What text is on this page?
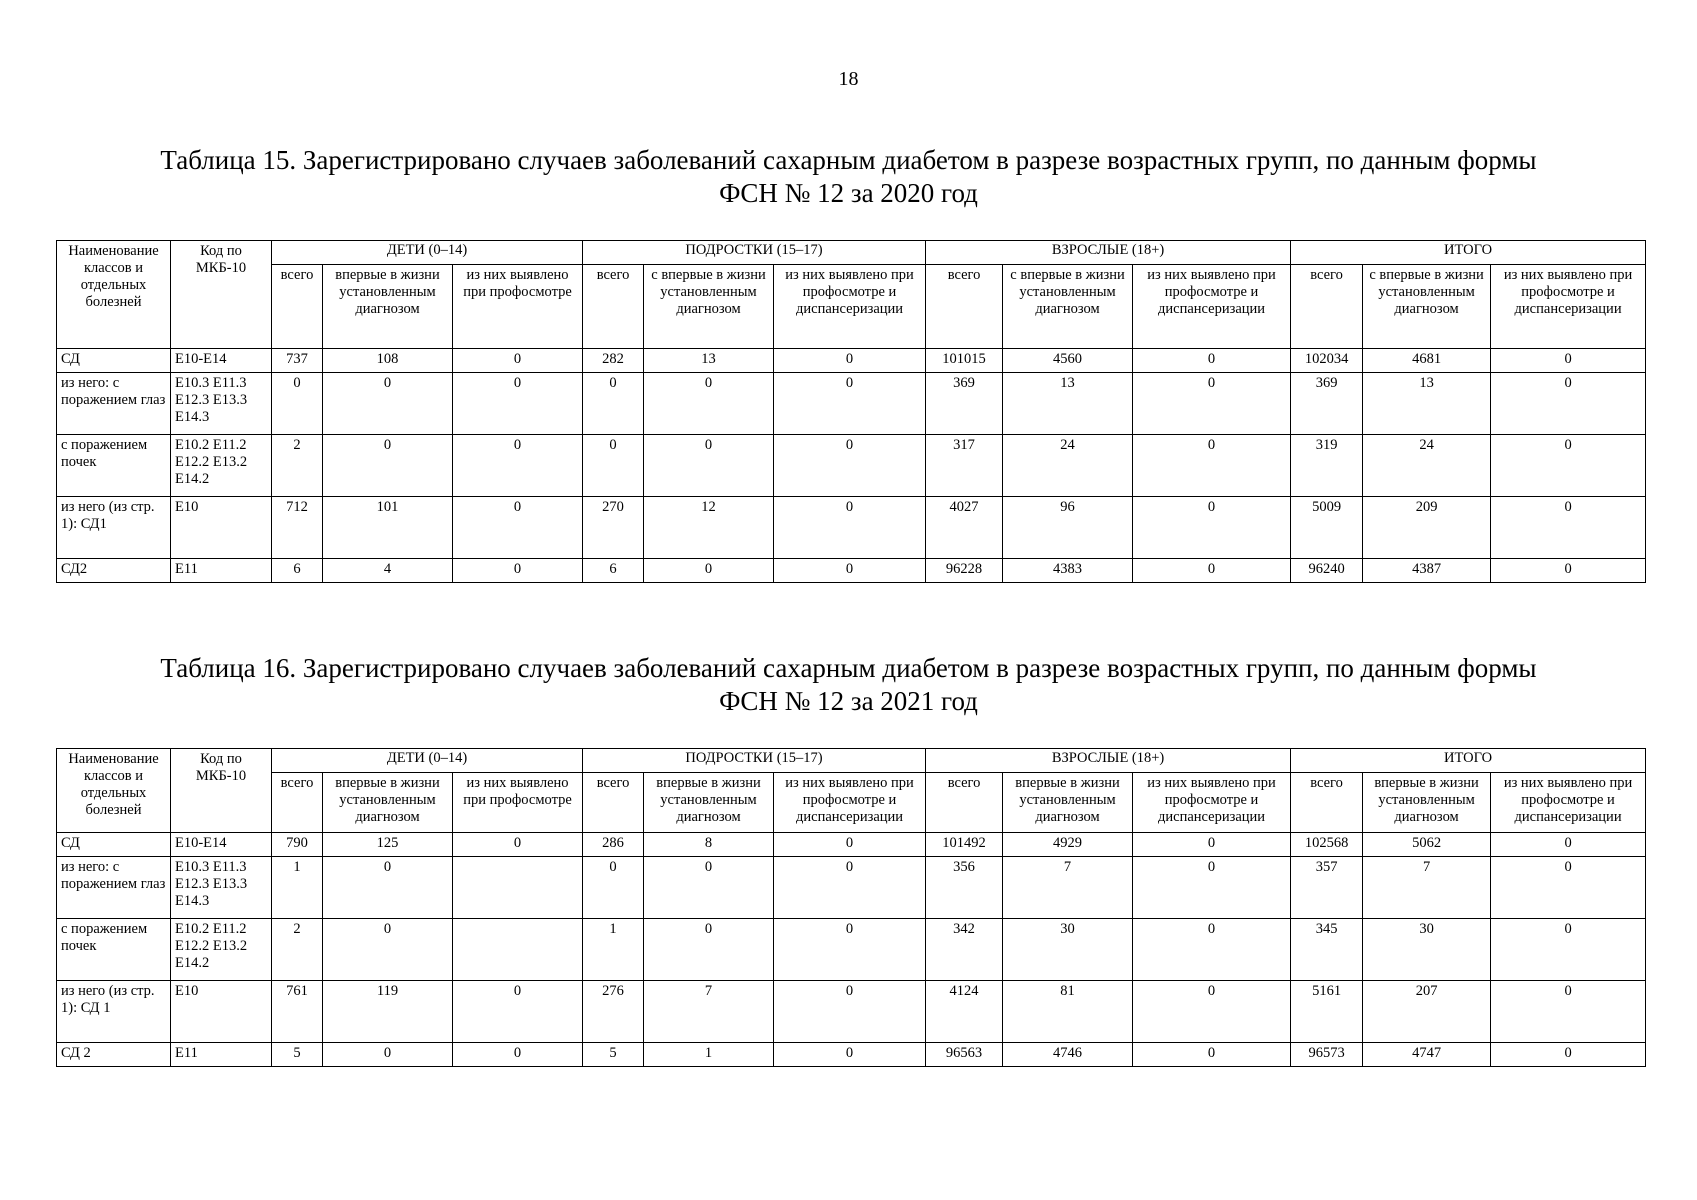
18
Таблица 15. Зарегистрировано случаев заболеваний сахарным диабетом в разрезе возрастных групп, по данным формы
ФСН № 12 за 2020 год
Наименование классов и отдельных болезней	Код по МКБ-10	ДЕТИ (0–14)			ПОДРОСТКИ (15–17)			ВЗРОСЛЫЕ (18+)			ИТОГО		
		всего	впервые в жизни установленным диагнозом	из них выявлено при профосмотре	всего	с впервые в жизни установленным диагнозом	из них выявлено при профосмотре и диспансеризации	всего	с впервые в жизни установленным диагнозом	из них выявлено при профосмотре и диспансеризации	всего	с впервые в жизни установленным диагнозом	из них выявлено при профосмотре и диспансеризации
СД	E10-E14	737	108	0	282	13	0	101015	4560	0	102034	4681	0
из него: с поражением глаз	E10.3 E11.3 E12.3 E13.3 E14.3	0	0	0	0	0	0	369	13	0	369	13	0
с поражением почек	E10.2 E11.2 E12.2 E13.2 E14.2	2	0	0	0	0	0	317	24	0	319	24	0
из него (из стр. 1): СД1	E10	712	101	0	270	12	0	4027	96	0	5009	209	0
СД2	E11	6	4	0	6	0	0	96228	4383	0	96240	4387	0
Таблица 16. Зарегистрировано случаев заболеваний сахарным диабетом в разрезе возрастных групп, по данным формы
ФСН № 12 за 2021 год
Наименование классов и отдельных болезней	Код по МКБ-10	ДЕТИ (0–14)			ПОДРОСТКИ (15–17)			ВЗРОСЛЫЕ (18+)			ИТОГО		
		всего	впервые в жизни установленным диагнозом	из них выявлено при профосмотре	всего	впервые в жизни установленным диагнозом	из них выявлено при профосмотре и диспансеризации	всего	впервые в жизни установленным диагнозом	из них выявлено при профосмотре и диспансеризации	всего	впервые в жизни установленным диагнозом	из них выявлено при профосмотре и диспансеризации
СД	E10-E14	790	125	0	286	8	0	101492	4929	0	102568	5062	0
из него: с поражением глаз	E10.3 E11.3 E12.3 E13.3 E14.3	1	0		0	0	0	356	7	0	357	7	0
с поражением почек	E10.2 E11.2 E12.2 E13.2 E14.2	2	0		1	0	0	342	30	0	345	30	0
из него (из стр. 1): СД 1	E10	761	119	0	276	7	0	4124	81	0	5161	207	0
СД 2	E11	5	0	0	5	1	0	96563	4746	0	96573	4747	0
